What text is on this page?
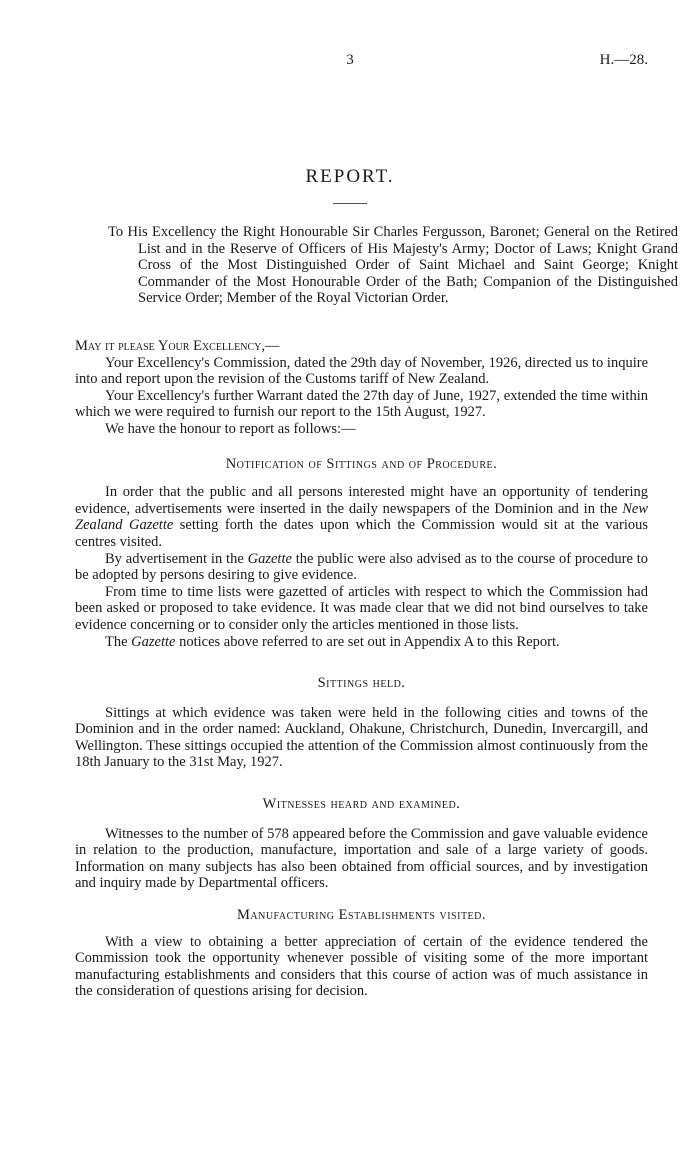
3	H.—28.
REPORT.
To His Excellency the Right Honourable Sir Charles Fergusson, Baronet; General on the Retired List and in the Reserve of Officers of His Majesty's Army; Doctor of Laws; Knight Grand Cross of the Most Distinguished Order of Saint Michael and Saint George; Knight Commander of the Most Honourable Order of the Bath; Companion of the Distinguished Service Order; Member of the Royal Victorian Order.

May it please Your Excellency,—

Your Excellency's Commission, dated the 29th day of November, 1926, directed us to inquire into and report upon the revision of the Customs tariff of New Zealand.

Your Excellency's further Warrant dated the 27th day of June, 1927, extended the time within which we were required to furnish our report to the 15th August, 1927.

We have the honour to report as follows:—

Notification of Sittings and of Procedure.

In order that the public and all persons interested might have an opportunity of tendering evidence, advertisements were inserted in the daily newspapers of the Dominion and in the New Zealand Gazette setting forth the dates upon which the Commission would sit at the various centres visited.

By advertisement in the Gazette the public were also advised as to the course of procedure to be adopted by persons desiring to give evidence.

From time to time lists were gazetted of articles with respect to which the Commission had been asked or proposed to take evidence. It was made clear that we did not bind ourselves to take evidence concerning or to consider only the articles mentioned in those lists.

The Gazette notices above referred to are set out in Appendix A to this Report.

Sittings held.

Sittings at which evidence was taken were held in the following cities and towns of the Dominion and in the order named: Auckland, Ohakune, Christchurch, Dunedin, Invercargill, and Wellington. These sittings occupied the attention of the Commission almost continuously from the 18th January to the 31st May, 1927.

Witnesses heard and examined.

Witnesses to the number of 578 appeared before the Commission and gave valuable evidence in relation to the production, manufacture, importation and sale of a large variety of goods. Information on many subjects has also been obtained from official sources, and by investigation and inquiry made by Departmental officers.

Manufacturing Establishments visited.

With a view to obtaining a better appreciation of certain of the evidence tendered the Commission took the opportunity whenever possible of visiting some of the more important manufacturing establishments and considers that this course of action was of much assistance in the consideration of questions arising for decision.
